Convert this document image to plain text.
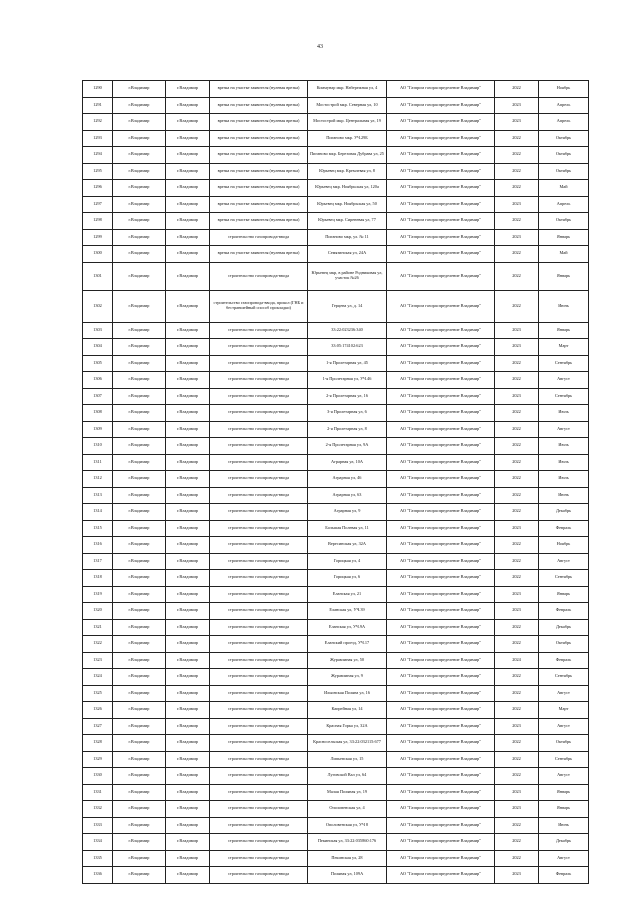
43
1290	г.Владимир	г.Владимир	врезка на участке заявителя (нулевая врезка)	Коммунар мкр. Набережная ул, 4	АО "Газпром газораспределение Владимир"	2022	Ноябрь
1291	г.Владимир	г.Владимир	врезка на участке заявителя (нулевая врезка)	Мостострой мкр. Северная ул, 10	АО "Газпром газораспределение Владимир"	2023	Апрель
1292	г.Владимир	г.Владимир	врезка на участке заявителя (нулевая врезка)	Мостострой мкр. Центральная ул, 19	АО "Газпром газораспределение Владимир"	2023	Апрель
1293	г.Владимир	г.Владимир	врезка на участке заявителя (нулевая врезка)	Пиганово мкр. УЧ.29Б	АО "Газпром газораспределение Владимир"	2022	Октябрь
1294	г.Владимир	г.Владимир	врезка на участке заявителя (нулевая врезка)	Пиганово мкр. Березовая Дубрава ул, 25	АО "Газпром газораспределение Владимир"	2022	Октябрь
1295	г.Владимир	г.Владимир	врезка на участке заявителя (нулевая врезка)	Юрьевец мкр. Кремлевая ул, 8	АО "Газпром газораспределение Владимир"	2022	Октябрь
1296	г.Владимир	г.Владимир	врезка на участке заявителя (нулевая врезка)	Юрьевец мкр. Ноябрьская ул, 120а	АО "Газпром газораспределение Владимир"	2022	Май
1297	г.Владимир	г.Владимир	врезка на участке заявителя (нулевая врезка)	Юрьевец мкр. Ноябрьская ул, 50	АО "Газпром газораспределение Владимир"	2023	Апрель
1298	г.Владимир	г.Владимир	врезка на участке заявителя (нулевая врезка)	Юрьевец мкр. Сиреневая ул, 77	АО "Газпром газораспределение Владимир"	2022	Октябрь
1299	г.Владимир	г.Владимир	строительство газопровода-ввода	Пиганово мкр, ул. № 11	АО "Газпром газораспределение Владимир"	2023	Январь
1300	г.Владимир	г.Владимир	врезка на участке заявителя (нулевая врезка)	Семязинская ул, 24А	АО "Газпром газораспределение Владимир"	2022	Май
1301	г.Владимир	г.Владимир	строительство газопровода-ввода	Юрьевец мкр, в районе Родниковая ул, участок №26	АО "Газпром газораспределение Владимир"	2022	Январь
1302	г.Владимир	г.Владимир	строительство газопровода-ввода, прокол (ГНБ и бестраншейный способ прокладки)	Герцена ул, д. 14	АО "Газпром газораспределение Владимир"	2022	Июнь
1303	г.Владимир	г.Владимир	строительство газопровода-ввода	33:22:023236:340	АО "Газпром газораспределение Владимир"	2023	Январь
1304	г.Владимир	г.Владимир	строительство газопровода-ввода	33:05:174102:623	АО "Газпром газораспределение Владимир"	2023	Март
1305	г.Владимир	г.Владимир	строительство газопровода-ввода	1-я Пролетарная ул, 45	АО "Газпром газораспределение Владимир"	2022	Сентябрь
1306	г.Владимир	г.Владимир	строительство газопровода-ввода	1-я Пролетарная ул, УЧ.46	АО "Газпром газораспределение Владимир"	2022	Август
1307	г.Владимир	г.Владимир	строительство газопровода-ввода	2-я Пролетарная ул, 16	АО "Газпром газораспределение Владимир"	2023	Сентябрь
1308	г.Владимир	г.Владимир	строительство газопровода-ввода	3-я Пролетарная ул, 6	АО "Газпром газораспределение Владимир"	2022	Июль
1309	г.Владимир	г.Владимир	строительство газопровода-ввода	2-я Пролетарная ул, 8	АО "Газпром газораспределение Владимир"	2022	Август
1310	г.Владимир	г.Владимир	строительство газопровода-ввода	2-я Пролетарная ул, 9А	АО "Газпром газораспределение Владимир"	2022	Июль
1311	г.Владимир	г.Владимир	строительство газопровода-ввода	Аграрная ул, 10А	АО "Газпром газораспределение Владимир"	2022	Июль
1312	г.Владимир	г.Владимир	строительство газопровода-ввода	Аграрная ул, 46	АО "Газпром газораспределение Владимир"	2022	Июль
1313	г.Владимир	г.Владимир	строительство газопровода-ввода	Аграрная ул, 63	АО "Газпром газораспределение Владимир"	2022	Июнь
1314	г.Владимир	г.Владимир	строительство газопровода-ввода	Аграрная ул, 9	АО "Газпром газораспределение Владимир"	2022	Декабрь
1315	г.Владимир	г.Владимир	строительство газопровода-ввода	Большая Полевая ул, 11	АО "Газпром газораспределение Владимир"	2023	Февраль
1316	г.Владимир	г.Владимир	строительство газопровода-ввода	Вересинская ул, 32А	АО "Газпром газораспределение Владимир"	2022	Ноябрь
1317	г.Владимир	г.Владимир	строительство газопровода-ввода	Горицкая ул, 4	АО "Газпром газораспределение Владимир"	2022	Август
1318	г.Владимир	г.Владимир	строительство газопровода-ввода	Горицкая ул, 6	АО "Газпром газораспределение Владимир"	2022	Сентябрь
1319	г.Владимир	г.Владимир	строительство газопровода-ввода	Еланская ул, 21	АО "Газпром газораспределение Владимир"	2023	Январь
1320	г.Владимир	г.Владимир	строительство газопровода-ввода	Еланская ул, УЧ.39	АО "Газпром газораспределение Владимир"	2023	Февраль
1321	г.Владимир	г.Владимир	строительство газопровода-ввода	Еланская ул, УЧ.9А	АО "Газпром газораспределение Владимир"	2022	Декабрь
1322	г.Владимир	г.Владимир	строительство газопровода-ввода	Еланский проезд, УЧ.17	АО "Газпром газораспределение Владимир"	2022	Октябрь
1323	г.Владимир	г.Владимир	строительство газопровода-ввода	Журавлиная ул, 50	АО "Газпром газораспределение Владимир"	2024	Февраль
1324	г.Владимир	г.Владимир	строительство газопровода-ввода	Журавлиная ул, 9	АО "Газпром газораспределение Владимир"	2022	Сентябрь
1325	г.Владимир	г.Владимир	строительство газопровода-ввода	Ильинская Поляна ул, 16	АО "Газпром газораспределение Владимир"	2022	Август
1326	г.Владимир	г.Владимир	строительство газопровода-ввода	Капрейная ул, 14	АО "Газпром газораспределение Владимир"	2022	Март
1327	г.Владимир	г.Владимир	строительство газопровода-ввода	Красная Горка ул, 32А	АО "Газпром газораспределение Владимир"	2023	Август
1328	г.Владимир	г.Владимир	строительство газопровода-ввода	Красносельская ул, 33:22:032115:677	АО "Газпром газораспределение Владимир"	2022	Октябрь
1329	г.Владимир	г.Владимир	строительство газопровода-ввода	Липьевская ул, 15	АО "Газпром газораспределение Владимир"	2022	Сентябрь
1330	г.Владимир	г.Владимир	строительство газопровода-ввода	Луговской Вал ул, 64	АО "Газпром газораспределение Владимир"	2022	Август
1331	г.Владимир	г.Владимир	строительство газопровода-ввода	Малая Поляная ул, 19	АО "Газпром газораспределение Владимир"	2023	Январь
1332	г.Владимир	г.Владимир	строительство газопровода-ввода	Ополовенская ул, 4	АО "Газпром газораспределение Владимир"	2023	Январь
1333	г.Владимир	г.Владимир	строительство газопровода-ввода	Ополовенская ул, УЧ 8	АО "Газпром газораспределение Владимир"	2022	Июнь
1334	г.Владимир	г.Владимир	строительство газопровода-ввода	Пекинская ул, 33:22:035860:176	АО "Газпром газораспределение Владимир"	2022	Декабрь
1335	г.Владимир	г.Владимир	строительство газопровода-ввода	Пекинская ул, 28	АО "Газпром газораспределение Владимир"	2022	Август
1336	г.Владимир	г.Владимир	строительство газопровода-ввода	Поляная ул, 109А	АО "Газпром газораспределение Владимир"	2023	Февраль
